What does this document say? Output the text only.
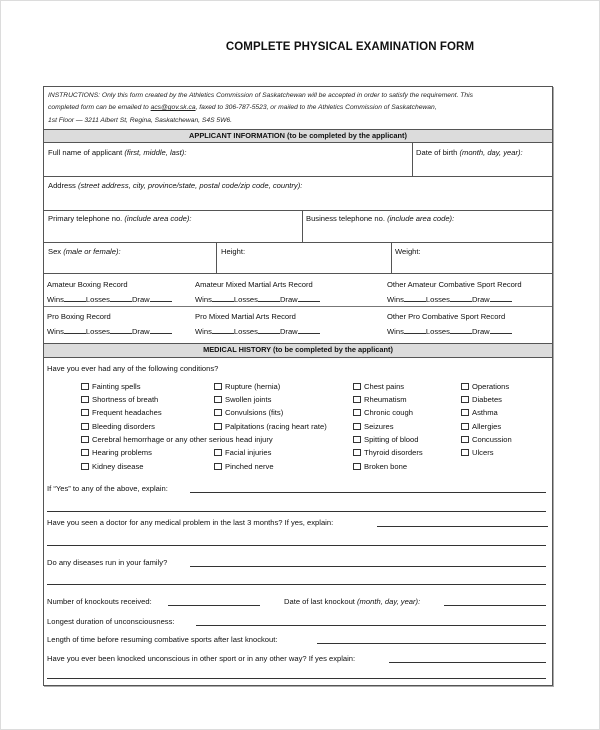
COMPLETE PHYSICAL EXAMINATION FORM
INSTRUCTIONS: Only this form created by the Athletics Commission of Saskatchewan will be accepted in order to satisfy the requirement. This
completed form can be emailed to acs@gov.sk.ca, faxed to 306-787-5523, or mailed to the Athletics Commission of Saskatchewan,
1st Floor — 3211 Albert St, Regina, Saskatchewan, S4S 5W6.
APPLICANT INFORMATION (to be completed by the applicant)
Full name of applicant (first, middle, last):	Date of birth (month, day, year):
Address (street address, city, province/state, postal code/zip code, country):
Primary telephone no. (include area code):	Business telephone no. (include area code):
Sex (male or female):	Height:	Weight:
Amateur Boxing Record
Wins	Losses	Draw
Amateur Mixed Martial Arts Record
Wins	Losses	Draw
Other Amateur Combative Sport Record
Wins	Losses	Draw
Pro Boxing Record
Wins	Losses	Draw
Pro Mixed Martial Arts Record
Wins	Losses	Draw
Other Pro Combative Sport Record
Wins	Losses	Draw
MEDICAL HISTORY (to be completed by the applicant)
Have you ever had any of the following conditions?
Fainting spells
Shortness of breath
Frequent headaches
Bleeding disorders
Cerebral hemorrhage or any other serious head injury
Hearing problems
Kidney disease
Rupture (hernia)
Swollen joints
Convulsions (fits)
Palpitations (racing heart rate)
Facial injuries
Pinched nerve
Chest pains
Rheumatism
Chronic cough
Seizures
Spitting of blood
Thyroid disorders
Broken bone
Operations
Diabetes
Asthma
Allergies
Concussion
Ulcers
If “Yes” to any of the above, explain:
Have you seen a doctor for any medical problem in the last 3 months? If yes, explain:
Do any diseases run in your family?
Number of knockouts received:	Date of last knockout (month, day, year):
Longest duration of unconsciousness:
Length of time before resuming combative sports after last knockout:
Have you ever been knocked unconscious in other sport or in any other way? If yes explain:
